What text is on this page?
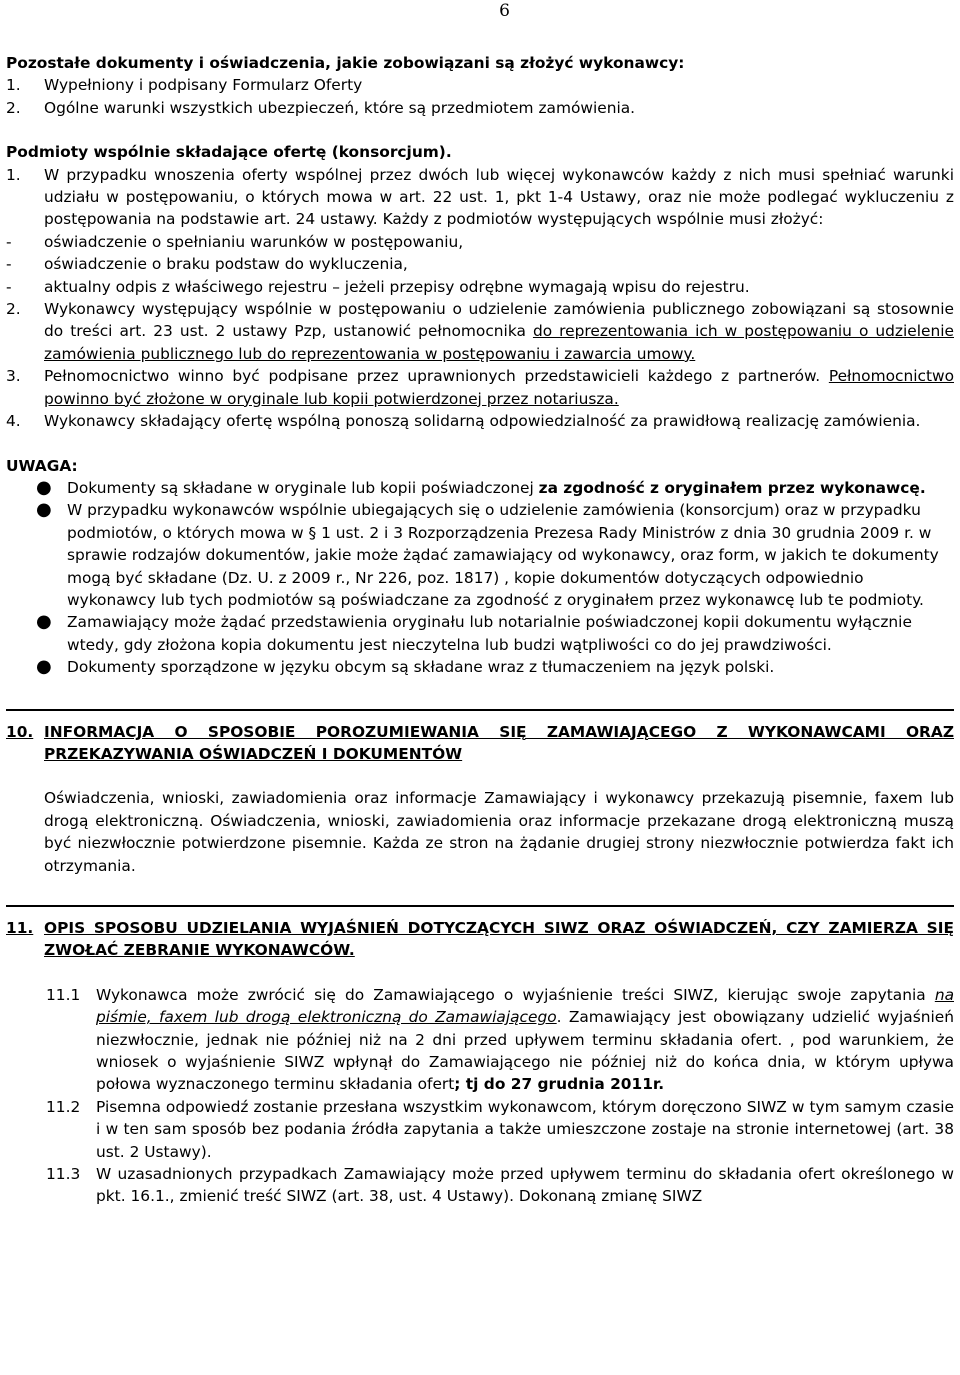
6

Pozostałe dokumenty i oświadczenia, jakie zobowiązani są złożyć wykonawcy:

1.	Wypełniony i podpisany Formularz Oferty
2.	Ogólne warunki wszystkich ubezpieczeń, które są przedmiotem zamówienia.

Podmioty wspólnie składające ofertę (konsorcjum).

1.	W przypadku wnoszenia oferty wspólnej przez dwóch lub więcej wykonawców każdy z nich musi spełniać warunki udziału w postępowaniu, o których mowa w art. 22 ust. 1, pkt 1-4 Ustawy, oraz nie może podlegać wykluczeniu z postępowania na podstawie art. 24 ustawy. Każdy z podmiotów występujących wspólnie musi złożyć:
-	oświadczenie o spełnianiu warunków w postępowaniu,
-	oświadczenie o braku podstaw do wykluczenia,
-	aktualny odpis z właściwego rejestru – jeżeli przepisy odrębne wymagają wpisu do rejestru.
2.	Wykonawcy występujący wspólnie w postępowaniu o udzielenie zamówienia publicznego zobowiązani są stosownie do treści art. 23 ust. 2 ustawy Pzp, ustanowić pełnomocnika do reprezentowania ich w postępowaniu o udzielenie zamówienia publicznego lub do reprezentowania w postępowaniu i zawarcia umowy.
3.	Pełnomocnictwo winno być podpisane przez uprawnionych przedstawicieli każdego z partnerów. Pełnomocnictwo powinno być złożone w oryginale lub kopii potwierdzonej przez notariusza.
4.	Wykonawcy składający ofertę wspólną ponoszą solidarną odpowiedzialność za prawidłową realizację zamówienia.

UWAGA:

● Dokumenty są składane w oryginale lub kopii poświadczonej za zgodność z oryginałem przez wykonawcę.
● W przypadku wykonawców wspólnie ubiegających się o udzielenie zamówienia (konsorcjum) oraz w przypadku podmiotów, o których mowa w § 1 ust. 2 i 3 Rozporządzenia Prezesa Rady Ministrów z dnia 30 grudnia 2009 r. w sprawie rodzajów dokumentów, jakie może żądać zamawiający od wykonawcy, oraz form, w jakich te dokumenty mogą być składane (Dz. U. z 2009 r., Nr 226, poz. 1817) , kopie dokumentów dotyczących odpowiednio wykonawcy lub tych podmiotów są poświadczane za zgodność z oryginałem przez wykonawcę lub te podmioty.
● Zamawiający może żądać przedstawienia oryginału lub notarialnie poświadczonej kopii dokumentu wyłącznie wtedy, gdy złożona kopia dokumentu jest nieczytelna lub budzi wątpliwości co do jej prawdziwości.
● Dokumenty sporządzone w języku obcym są składane wraz z tłumaczeniem na język polski.
10. INFORMACJA O SPOSOBIE POROZUMIEWANIA SIĘ ZAMAWIAJĄCEGO Z WYKONAWCAMI ORAZ PRZEKAZYWANIA OŚWIADCZEŃ I DOKUMENTÓW

Oświadczenia, wnioski, zawiadomienia oraz informacje Zamawiający i wykonawcy przekazują pisemnie, faxem lub drogą elektroniczną. Oświadczenia, wnioski, zawiadomienia oraz informacje przekazane drogą elektroniczną muszą być niezwłocznie potwierdzone pisemnie. Każda ze stron na żądanie drugiej strony niezwłocznie potwierdza fakt ich otrzymania.

11. OPIS SPOSOBU UDZIELANIA WYJAŚNIEŃ DOTYCZĄCYCH SIWZ ORAZ OŚWIADCZEŃ, CZY ZAMIERZA SIĘ ZWOŁAĆ ZEBRANIE WYKONAWCÓW.
11.1	Wykonawca może zwrócić się do Zamawiającego o wyjaśnienie treści SIWZ, kierując swoje zapytania na piśmie, faxem lub drogą elektroniczną do Zamawiającego. Zamawiający jest obowiązany udzielić wyjaśnień niezwłocznie, jednak nie później niż na 2 dni przed upływem terminu składania ofert. , pod warunkiem, że wniosek o wyjaśnienie SIWZ wpłynął do Zamawiającego nie później niż do końca dnia, w którym upływa połowa wyznaczonego terminu składania ofert; tj do 27 grudnia 2011r.
11.2	Pisemna odpowiedź zostanie przesłana wszystkim wykonawcom, którym doręczono SIWZ w tym samym czasie i w ten sam sposób bez podania źródła zapytania a także umieszczone zostaje na stronie internetowej (art. 38 ust. 2 Ustawy).
11.3	W uzasadnionych przypadkach Zamawiający może przed upływem terminu do składania ofert określonego w pkt. 16.1., zmienić treść SIWZ (art. 38, ust. 4 Ustawy). Dokonaną zmianę SIWZ
